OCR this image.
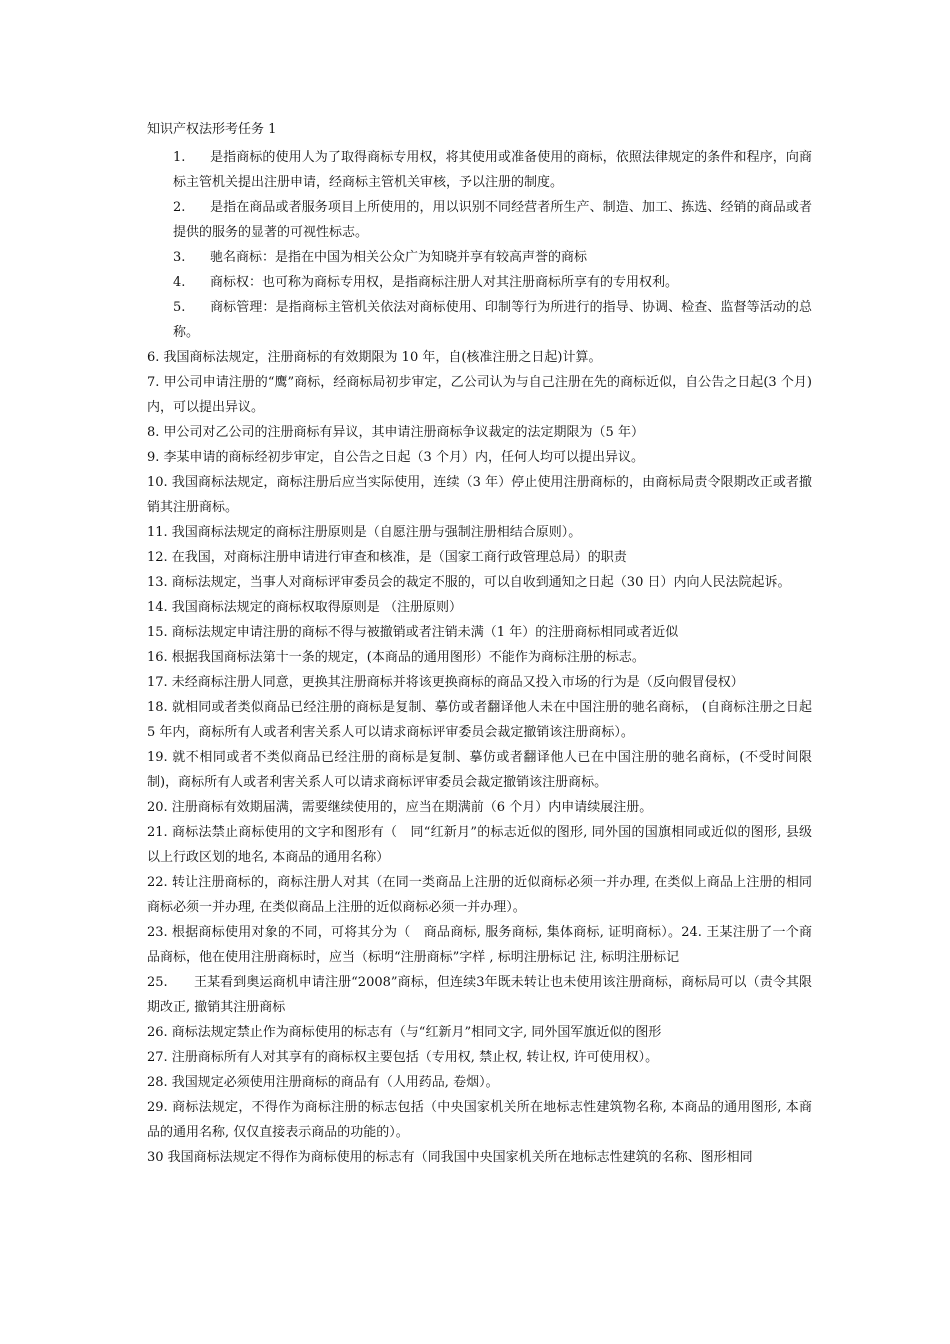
知识产权法形考任务 1
1. 是指商标的使用人为了取得商标专用权，将其使用或准备使用的商标，依照法律规定的条件和程序，向商标主管机关提出注册申请，经商标主管机关审核，予以注册的制度。
2. 是指在商品或者服务项目上所使用的，用以识别不同经营者所生产、制造、加工、拣选、经销的商品或者提供的服务的显著的可视性标志。
3. 驰名商标：是指在中国为相关公众广为知晓并享有较高声誉的商标
4. 商标权：也可称为商标专用权，是指商标注册人对其注册商标所享有的专用权利。
5. 商标管理：是指商标主管机关依法对商标使用、印制等行为所进行的指导、协调、检查、监督等活动的总称。
6. 我国商标法规定，注册商标的有效期限为 10 年，自(核准注册之日起)计算。
7. 甲公司申请注册的“鹰”商标，经商标局初步审定，乙公司认为与自己注册在先的商标近似，自公告之日起(3 个月)内，可以提出异议。
8. 甲公司对乙公司的注册商标有异议，其申请注册商标争议裁定的法定期限为（5 年）
9. 李某申请的商标经初步审定，自公告之日起（3 个月）内，任何人均可以提出异议。
10. 我国商标法规定，商标注册后应当实际使用，连续（3 年）停止使用注册商标的，由商标局责令限期改正或者撤销其注册商标。
11. 我国商标法规定的商标注册原则是（自愿注册与强制注册相结合原则）。
12. 在我国，对商标注册申请进行审查和核准，是（国家工商行政管理总局）的职责
13. 商标法规定，当事人对商标评审委员会的裁定不服的，可以自收到通知之日起（30 日）内向人民法院起诉。
14. 我国商标法规定的商标权取得原则是 （注册原则）
15. 商标法规定申请注册的商标不得与被撤销或者注销未满（1 年）的注册商标相同或者近似
16. 根据我国商标法第十一条的规定，(本商品的通用图形）不能作为商标注册的标志。
17. 未经商标注册人同意，更换其注册商标并将该更换商标的商品又投入市场的行为是（反向假冒侵权）
18. 就相同或者类似商品已经注册的商标是复制、摹仿或者翻译他人未在中国注册的驰名商标， (自商标注册之日起 5 年内，商标所有人或者利害关系人可以请求商标评审委员会裁定撤销该注册商标）。
19. 就不相同或者不类似商品已经注册的商标是复制、摹仿或者翻译他人已在中国注册的驰名商标，(不受时间限制)，商标所有人或者利害关系人可以请求商标评审委员会裁定撤销该注册商标。
20. 注册商标有效期届满，需要继续使用的，应当在期满前（6 个月）内申请续展注册。
21. 商标法禁止商标使用的文字和图形有（　同“红新月”的标志近似的图形, 同外国的国旗相同或近似的图形, 县级以上行政区划的地名, 本商品的通用名称）
22. 转让注册商标的，商标注册人对其（在同一类商品上注册的近似商标必须一并办理, 在类似上商品上注册的相同商标必须一并办理, 在类似商品上注册的近似商标必须一并办理）。
23. 根据商标使用对象的不同，可将其分为（　商品商标, 服务商标, 集体商标, 证明商标）。24. 王某注册了一个商品商标，他在使用注册商标时，应当（标明“注册商标”字样 , 标明注册标记 注, 标明注册标记
25.　　王某看到奥运商机申请注册“2008”商标，但连续3年既未转让也未使用该注册商标，商标局可以（责令其限期改正, 撤销其注册商标
26. 商标法规定禁止作为商标使用的标志有（与“红新月”相同文字, 同外国军旗近似的图形
27. 注册商标所有人对其享有的商标权主要包括（专用权, 禁止权, 转让权, 许可使用权）。
28. 我国规定必须使用注册商标的商品有（人用药品, 卷烟）。
29. 商标法规定，不得作为商标注册的标志包括（中央国家机关所在地标志性建筑物名称, 本商品的通用图形, 本商品的通用名称, 仅仅直接表示商品的功能的）。
30 我国商标法规定不得作为商标使用的标志有（同我国中央国家机关所在地标志性建筑的名称、图形相同
